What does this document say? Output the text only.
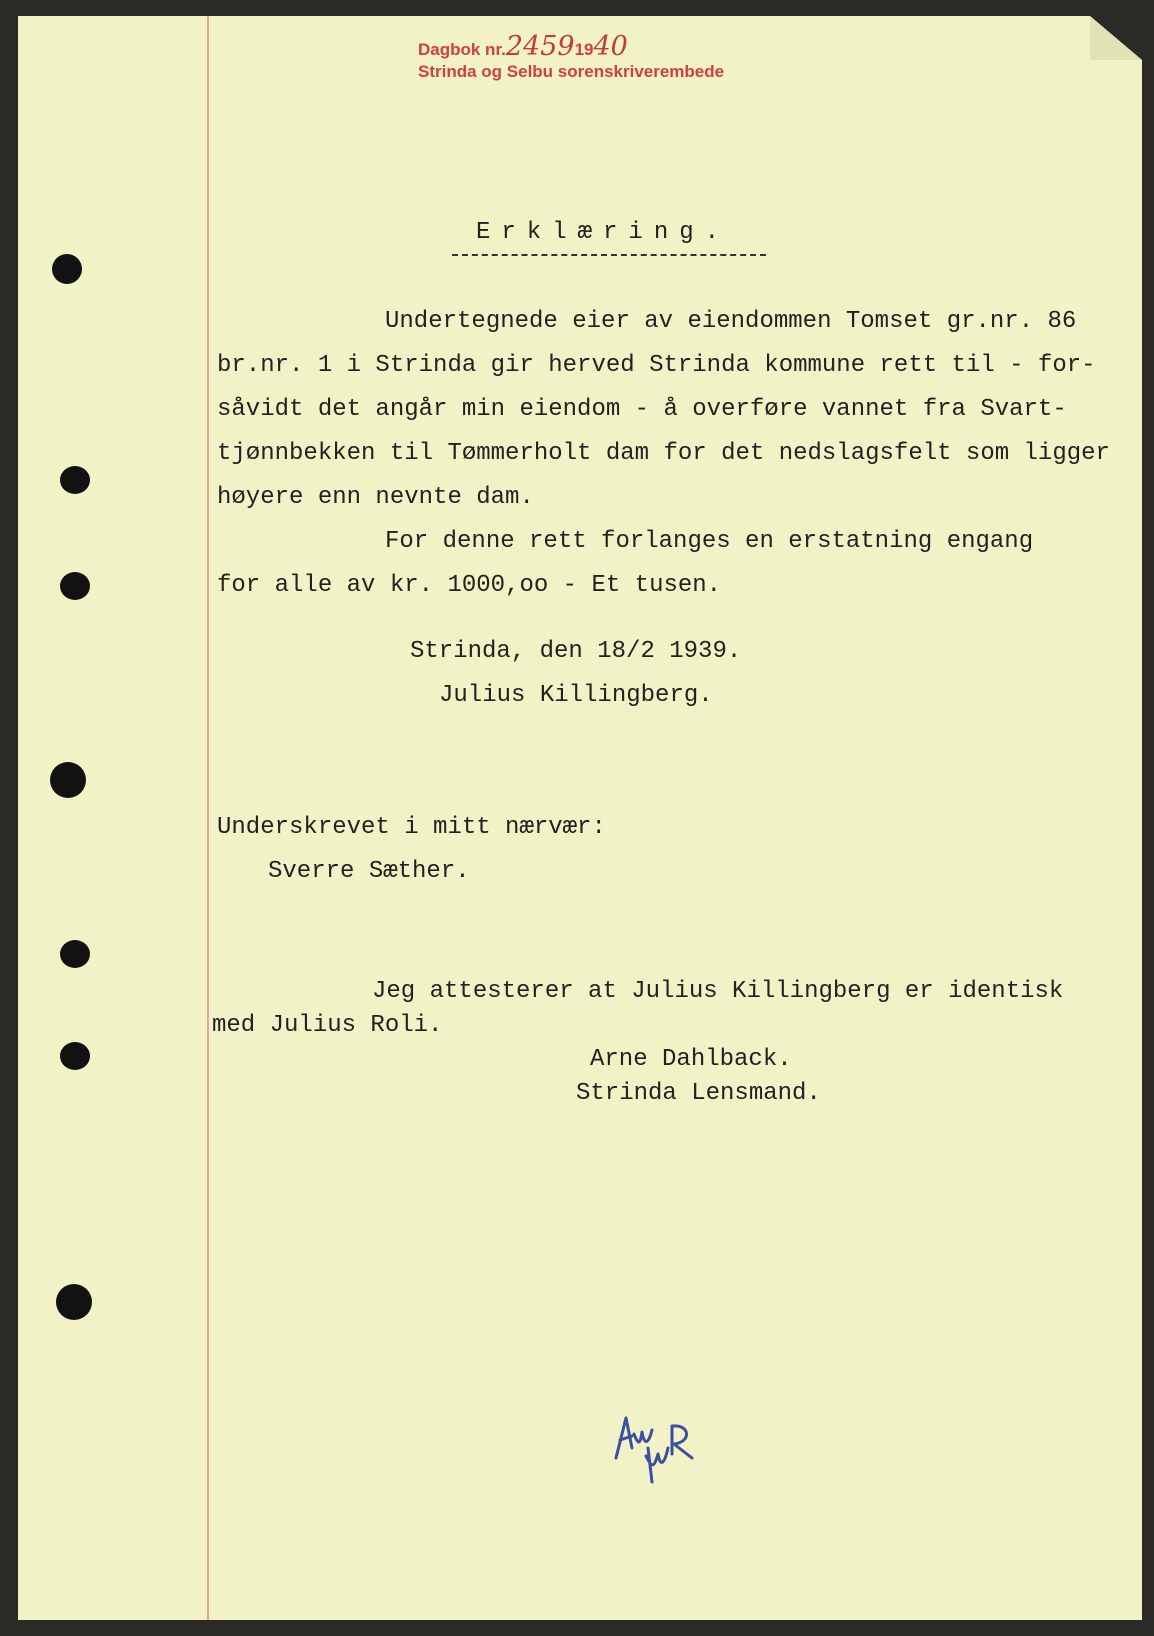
Dagbok nr.24591940
Strinda og Selbu sorenskriverembede
Erklæring.
Undertegnede eier av eiendommen Tomset gr.nr. 86
br.nr. 1 i Strinda gir herved Strinda kommune rett til - for-
såvidt det angår min eiendom - å overføre vannet fra Svart-
tjønnbekken til Tømmerholt dam for det nedslagsfelt som ligger
høyere enn nevnte dam.
For denne rett forlanges en erstatning engang
for alle av kr. 1000,oo - Et tusen.
Strinda, den 18/2 1939.
Julius Killingberg.
Underskrevet i mitt nærvær:
Sverre Sæther.
Jeg attesterer at Julius Killingberg er identisk
med Julius Roli.
Arne Dahlback.
Strinda Lensmand.
